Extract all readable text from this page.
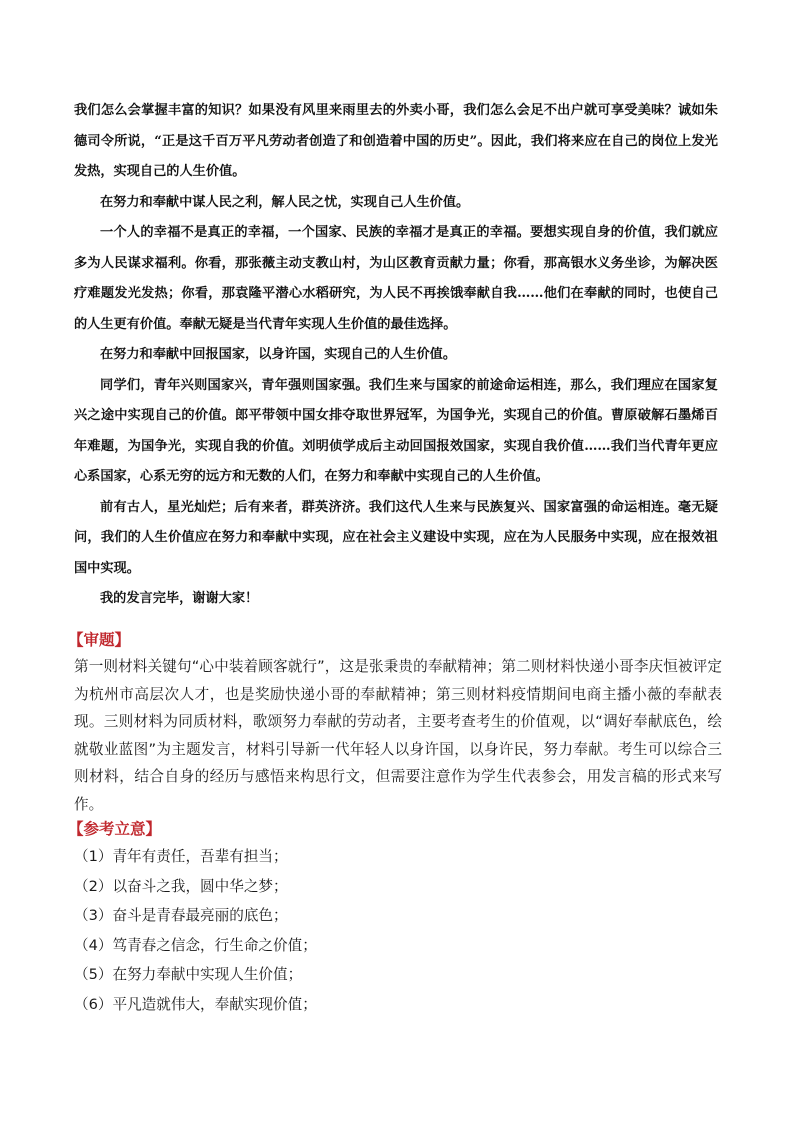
我们怎么会掌握丰富的知识？如果没有风里来雨里去的外卖小哥，我们怎么会足不出户就可享受美味？诚如朱德司令所说，“正是这千百万平凡劳动者创造了和创造着中国的历史”。因此，我们将来应在自己的岗位上发光发热，实现自己的人生价值。

在努力和奉献中谋人民之利，解人民之忧，实现自己人生价值。

一个人的幸福不是真正的幸福，一个国家、民族的幸福才是真正的幸福。要想实现自身的价值，我们就应多为人民谋求福利。你看，那张薇主动支教山村，为山区教育贡献力量；你看，那高银水义务坐诊，为解决医疗难题发光发热；你看，那袁隆平潜心水稻研究，为人民不再挨饿奉献自我……他们在奉献的同时，也使自己的人生更有价值。奉献无疑是当代青年实现人生价值的最佳选择。

在努力和奉献中回报国家，以身许国，实现自己的人生价值。

同学们，青年兴则国家兴，青年强则国家强。我们生来与国家的前途命运相连，那么，我们理应在国家复兴之途中实现自己的价值。郎平带领中国女排夺取世界冠军，为国争光，实现自己的价值。曹原破解石墨烯百年难题，为国争光，实现自我的价值。刘明侦学成后主动回国报效国家，实现自我价值……我们当代青年更应心系国家，心系无穷的远方和无数的人们，在努力和奉献中实现自己的人生价值。

前有古人，星光灿烂；后有来者，群英济济。我们这代人生来与民族复兴、国家富强的命运相连。毫无疑问，我们的人生价值应在努力和奉献中实现，应在社会主义建设中实现，应在为人民服务中实现，应在报效祖国中实现。

我的发言完毕，谢谢大家！

【审题】

第一则材料关键句“心中装着顾客就行”，这是张秉贵的奉献精神；第二则材料快递小哥李庆恒被评定为杭州市高层次人才，也是奖励快递小哥的奉献精神；第三则材料疫情期间电商主播小薇的奉献表现。三则材料为同质材料，歌颂努力奉献的劳动者，主要考查考生的价值观，以“调好奉献底色，绘就敬业蓝图”为主题发言，材料引导新一代年轻人以身许国，以身许民，努力奉献。考生可以综合三则材料，结合自身的经历与感悟来构思行文，但需要注意作为学生代表参会，用发言稿的形式来写作。

【参考立意】
（1）青年有责任，吾辈有担当；
（2）以奋斗之我，圆中华之梦；
（3）奋斗是青春最亮丽的底色；
（4）笃青春之信念，行生命之价值；
（5）在努力奉献中实现人生价值；
（6）平凡造就伟大，奉献实现价值；
